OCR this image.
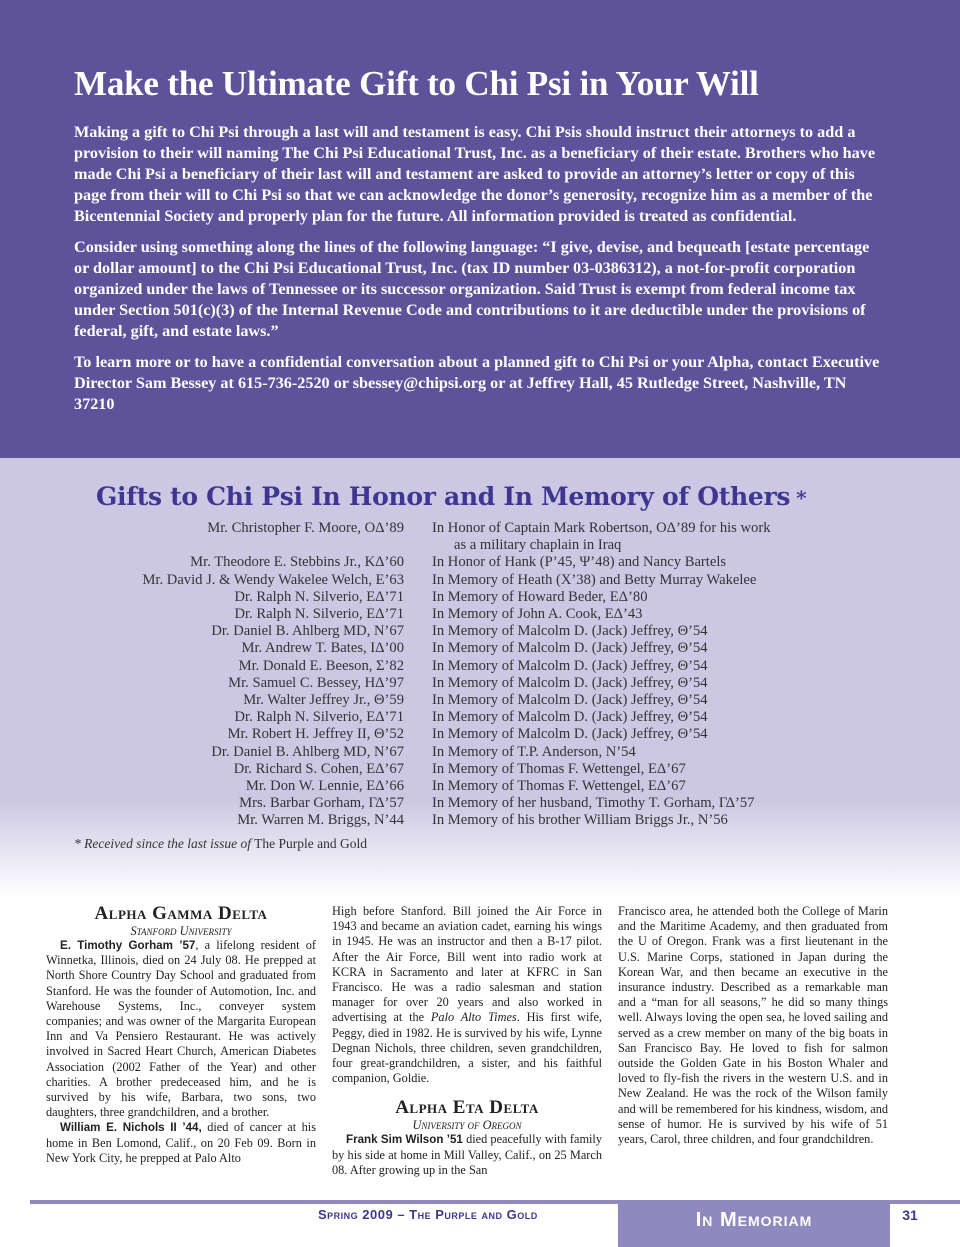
Make the Ultimate Gift to Chi Psi in Your Will

Making a gift to Chi Psi through a last will and testament is easy. Chi Psis should instruct their attorneys to add a provision to their will naming The Chi Psi Educational Trust, Inc. as a beneficiary of their estate. Brothers who have made Chi Psi a beneficiary of their last will and testament are asked to provide an attorney’s letter or copy of this page from their will to Chi Psi so that we can acknowledge the donor’s generosity, recognize him as a member of the Bicentennial Society and properly plan for the future. All information provided is treated as confidential.

Consider using something along the lines of the following language: “I give, devise, and bequeath [estate percentage or dollar amount] to the Chi Psi Educational Trust, Inc. (tax ID number 03-0386312), a not-for-profit corporation organized under the laws of Tennessee or its successor organization. Said Trust is exempt from federal income tax under Section 501(c)(3) of the Internal Revenue Code and contributions to it are deductible under the provisions of federal, gift, and estate laws.”

To learn more or to have a confidential conversation about a planned gift to Chi Psi or your Alpha, contact Executive Director Sam Bessey at 615-736-2520 or sbessey@chipsi.org or at Jeffrey Hall, 45 Rutledge Street, Nashville, TN 37210

Gifts to Chi Psi In Honor and In Memory of Others *
Mr. Christopher F. Moore, OΔ’89 In Honor of Captain Mark Robertson, OΔ’89 for his work
as a military chaplain in Iraq
Mr. Theodore E. Stebbins Jr., KΔ’60 In Honor of Hank (P’45, Ψ’48) and Nancy Bartels
Mr. David J. & Wendy Wakelee Welch, E’63 In Memory of Heath (X’38) and Betty Murray Wakelee
Dr. Ralph N. Silverio, EΔ’71 In Memory of Howard Beder, EΔ’80
Dr. Ralph N. Silverio, EΔ’71 In Memory of John A. Cook, EΔ’43
Dr. Daniel B. Ahlberg MD, N’67 In Memory of Malcolm D. (Jack) Jeffrey, Θ’54
Mr. Andrew T. Bates, IΔ’00 In Memory of Malcolm D. (Jack) Jeffrey, Θ’54
Mr. Donald E. Beeson, Σ’82 In Memory of Malcolm D. (Jack) Jeffrey, Θ’54
Mr. Samuel C. Bessey, HΔ’97 In Memory of Malcolm D. (Jack) Jeffrey, Θ’54
Mr. Walter Jeffrey Jr., Θ’59 In Memory of Malcolm D. (Jack) Jeffrey, Θ’54
Dr. Ralph N. Silverio, EΔ’71 In Memory of Malcolm D. (Jack) Jeffrey, Θ’54
Mr. Robert H. Jeffrey II, Θ’52 In Memory of Malcolm D. (Jack) Jeffrey, Θ’54
Dr. Daniel B. Ahlberg MD, N’67 In Memory of T.P. Anderson, N’54
Dr. Richard S. Cohen, EΔ’67 In Memory of Thomas F. Wettengel, EΔ’67
Mr. Don W. Lennie, EΔ’66 In Memory of Thomas F. Wettengel, EΔ’67
Mrs. Barbar Gorham, ΓΔ’57 In Memory of her husband, Timothy T. Gorham, ΓΔ’57
Mr. Warren M. Briggs, N’44 In Memory of his brother William Briggs Jr., N’56

* Received since the last issue of The Purple and Gold

Alpha Gamma Delta
Stanford University

E. Timothy Gorham ’57, a lifelong resident of Winnetka, Illinois, died on 24 July 08. He prepped at North Shore Country Day School and graduated from Stanford. He was the founder of Automotion, Inc. and Warehouse Systems, Inc., conveyer system companies; and was owner of the Margarita European Inn and Va Pensiero Restaurant. He was actively involved in Sacred Heart Church, American Diabetes Association (2002 Father of the Year) and other charities. A brother predeceased him, and he is survived by his wife, Barbara, two sons, two daughters, three grandchildren, and a brother.

William E. Nichols II ’44, died of cancer at his home in Ben Lomond, Calif., on 20 Feb 09. Born in New York City, he prepped at Palo Alto

High before Stanford. Bill joined the Air Force in 1943 and became an aviation cadet, earning his wings in 1945. He was an instructor and then a B-17 pilot. After the Air Force, Bill went into radio work at KCRA in Sacramento and later at KFRC in San Francisco. He was a radio salesman and station manager for over 20 years and also worked in advertising at the Palo Alto Times. His first wife, Peggy, died in 1982. He is survived by his wife, Lynne Degnan Nichols, three children, seven grandchildren, four great-grandchildren, a sister, and his faithful companion, Goldie.

Alpha Eta Delta
University of Oregon

Frank Sim Wilson ’51 died peacefully with family by his side at home in Mill Valley, Calif., on 25 March 08. After growing up in the San

Francisco area, he attended both the College of Marin and the Maritime Academy, and then graduated from the U of Oregon. Frank was a first lieutenant in the U.S. Marine Corps, stationed in Japan during the Korean War, and then became an executive in the insurance industry. Described as a remarkable man and a “man for all seasons,” he did so many things well. Always loving the open sea, he loved sailing and served as a crew member on many of the big boats in San Francisco Bay. He loved to fish for salmon outside the Golden Gate in his Boston Whaler and loved to fly-fish the rivers in the western U.S. and in New Zealand. He was the rock of the Wilson family and will be remembered for his kindness, wisdom, and sense of humor. He is survived by his wife of 51 years, Carol, three children, and four grandchildren.

Spring 2009 – The Purple and Gold	In Memoriam	31
